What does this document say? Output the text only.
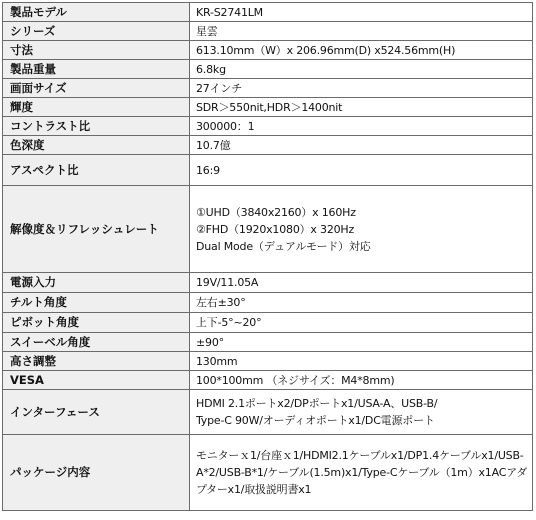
製品モデル	KR-S2741LM

シリーズ	星雲

寸法	613.10mm（W）x 206.96mm(D) x524.56mm(H)

製品重量	6.8kg

画面サイズ	27インチ

輝度	SDR＞550nit,HDR＞1400nit

コントラスト比	300000：1

色深度	10.7億

アスペクト比	16:9

解像度＆リフレッシュレート	①UHD（3840x2160）x 160Hz
②FHD（1920x1080）x 320Hz
Dual Mode（デュアルモード）対応

電源入力	19V/11.05A

チルト角度	左右±30°

ピボット角度	上下-5°~20°

スイーベル角度	±90°

高さ調整	130mm

VESA	100*100mm （ネジサイズ：M4*8mm)

インターフェース	HDMI 2.1ポートx2/DPポートx1/USA-A、USB-B/
Type-C 90W/オーディオポートx1/DC電源ポート

パッケージ内容	モニターｘ1/台座ｘ1/HDMI2.1ケーブルx1/DP1.4ケーブルx1/USB-
A*2/USB-B*1/ケーブル(1.5m)x1/Type-Cケーブル（1m）x1ACアダ
プターx1/取扱説明書x1
